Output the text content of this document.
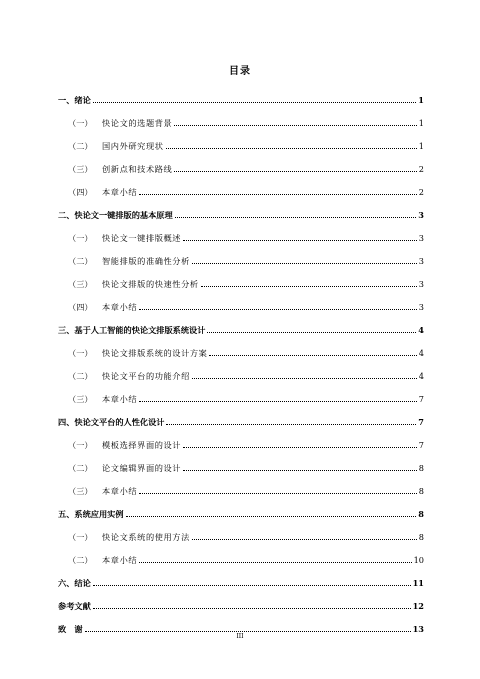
目录
一、 绪论	1
（一）	快论文的选题背景	1
（二）	国内外研究现状	1
（三）	创新点和技术路线	2
（四）	本章小结	2
二、 快论文一键排版的基本原理	3
（一）	快论文一键排版概述	3
（二）	智能排版的准确性分析	3
（三）	快论文排版的快速性分析	3
（四）	本章小结	3
三、 基于人工智能的快论文排版系统设计	4
（一）	快论文排版系统的设计方案	4
（二）	快论文平台的功能介绍	4
（三）	本章小结	7
四、 快论文平台的人性化设计	7
（一）	模板选择界面的设计	7
（二）	论文编辑界面的设计	8
（三）	本章小结	8
五、 系统应用实例	8
（一）	快论文系统的使用方法	8
（二）	本章小结	10
六、 结论	11
参考文献	12
致　谢	13
III
